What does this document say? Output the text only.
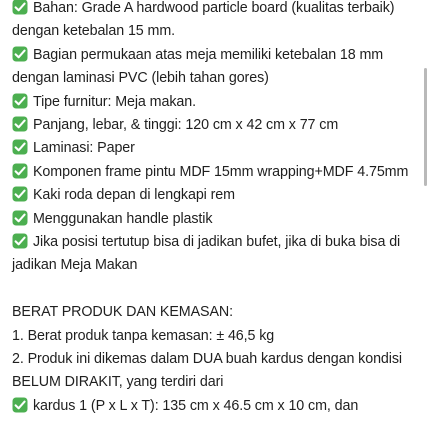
Bahan: Grade A hardwood particle board (kualitas terbaik) dengan ketebalan 15 mm.
Bagian permukaan atas meja memiliki ketebalan 18 mm dengan laminasi PVC (lebih tahan gores)
Tipe furnitur: Meja makan.
Panjang, lebar, & tinggi: 120 cm x 42 cm x 77 cm
Laminasi: Paper
Komponen frame pintu MDF 15mm wrapping+MDF 4.75mm
Kaki roda depan di lengkapi rem
Menggunakan handle plastik
Jika posisi tertutup bisa di jadikan bufet, jika di buka bisa di jadikan Meja Makan
BERAT PRODUK DAN KEMASAN:
1. Berat produk tanpa kemasan: ± 46,5 kg
2. Produk ini dikemas dalam DUA buah kardus dengan kondisi BELUM DIRAKIT, yang terdiri dari
kardus 1 (P x L x T): 135 cm x 46.5 cm x 10 cm, dan
